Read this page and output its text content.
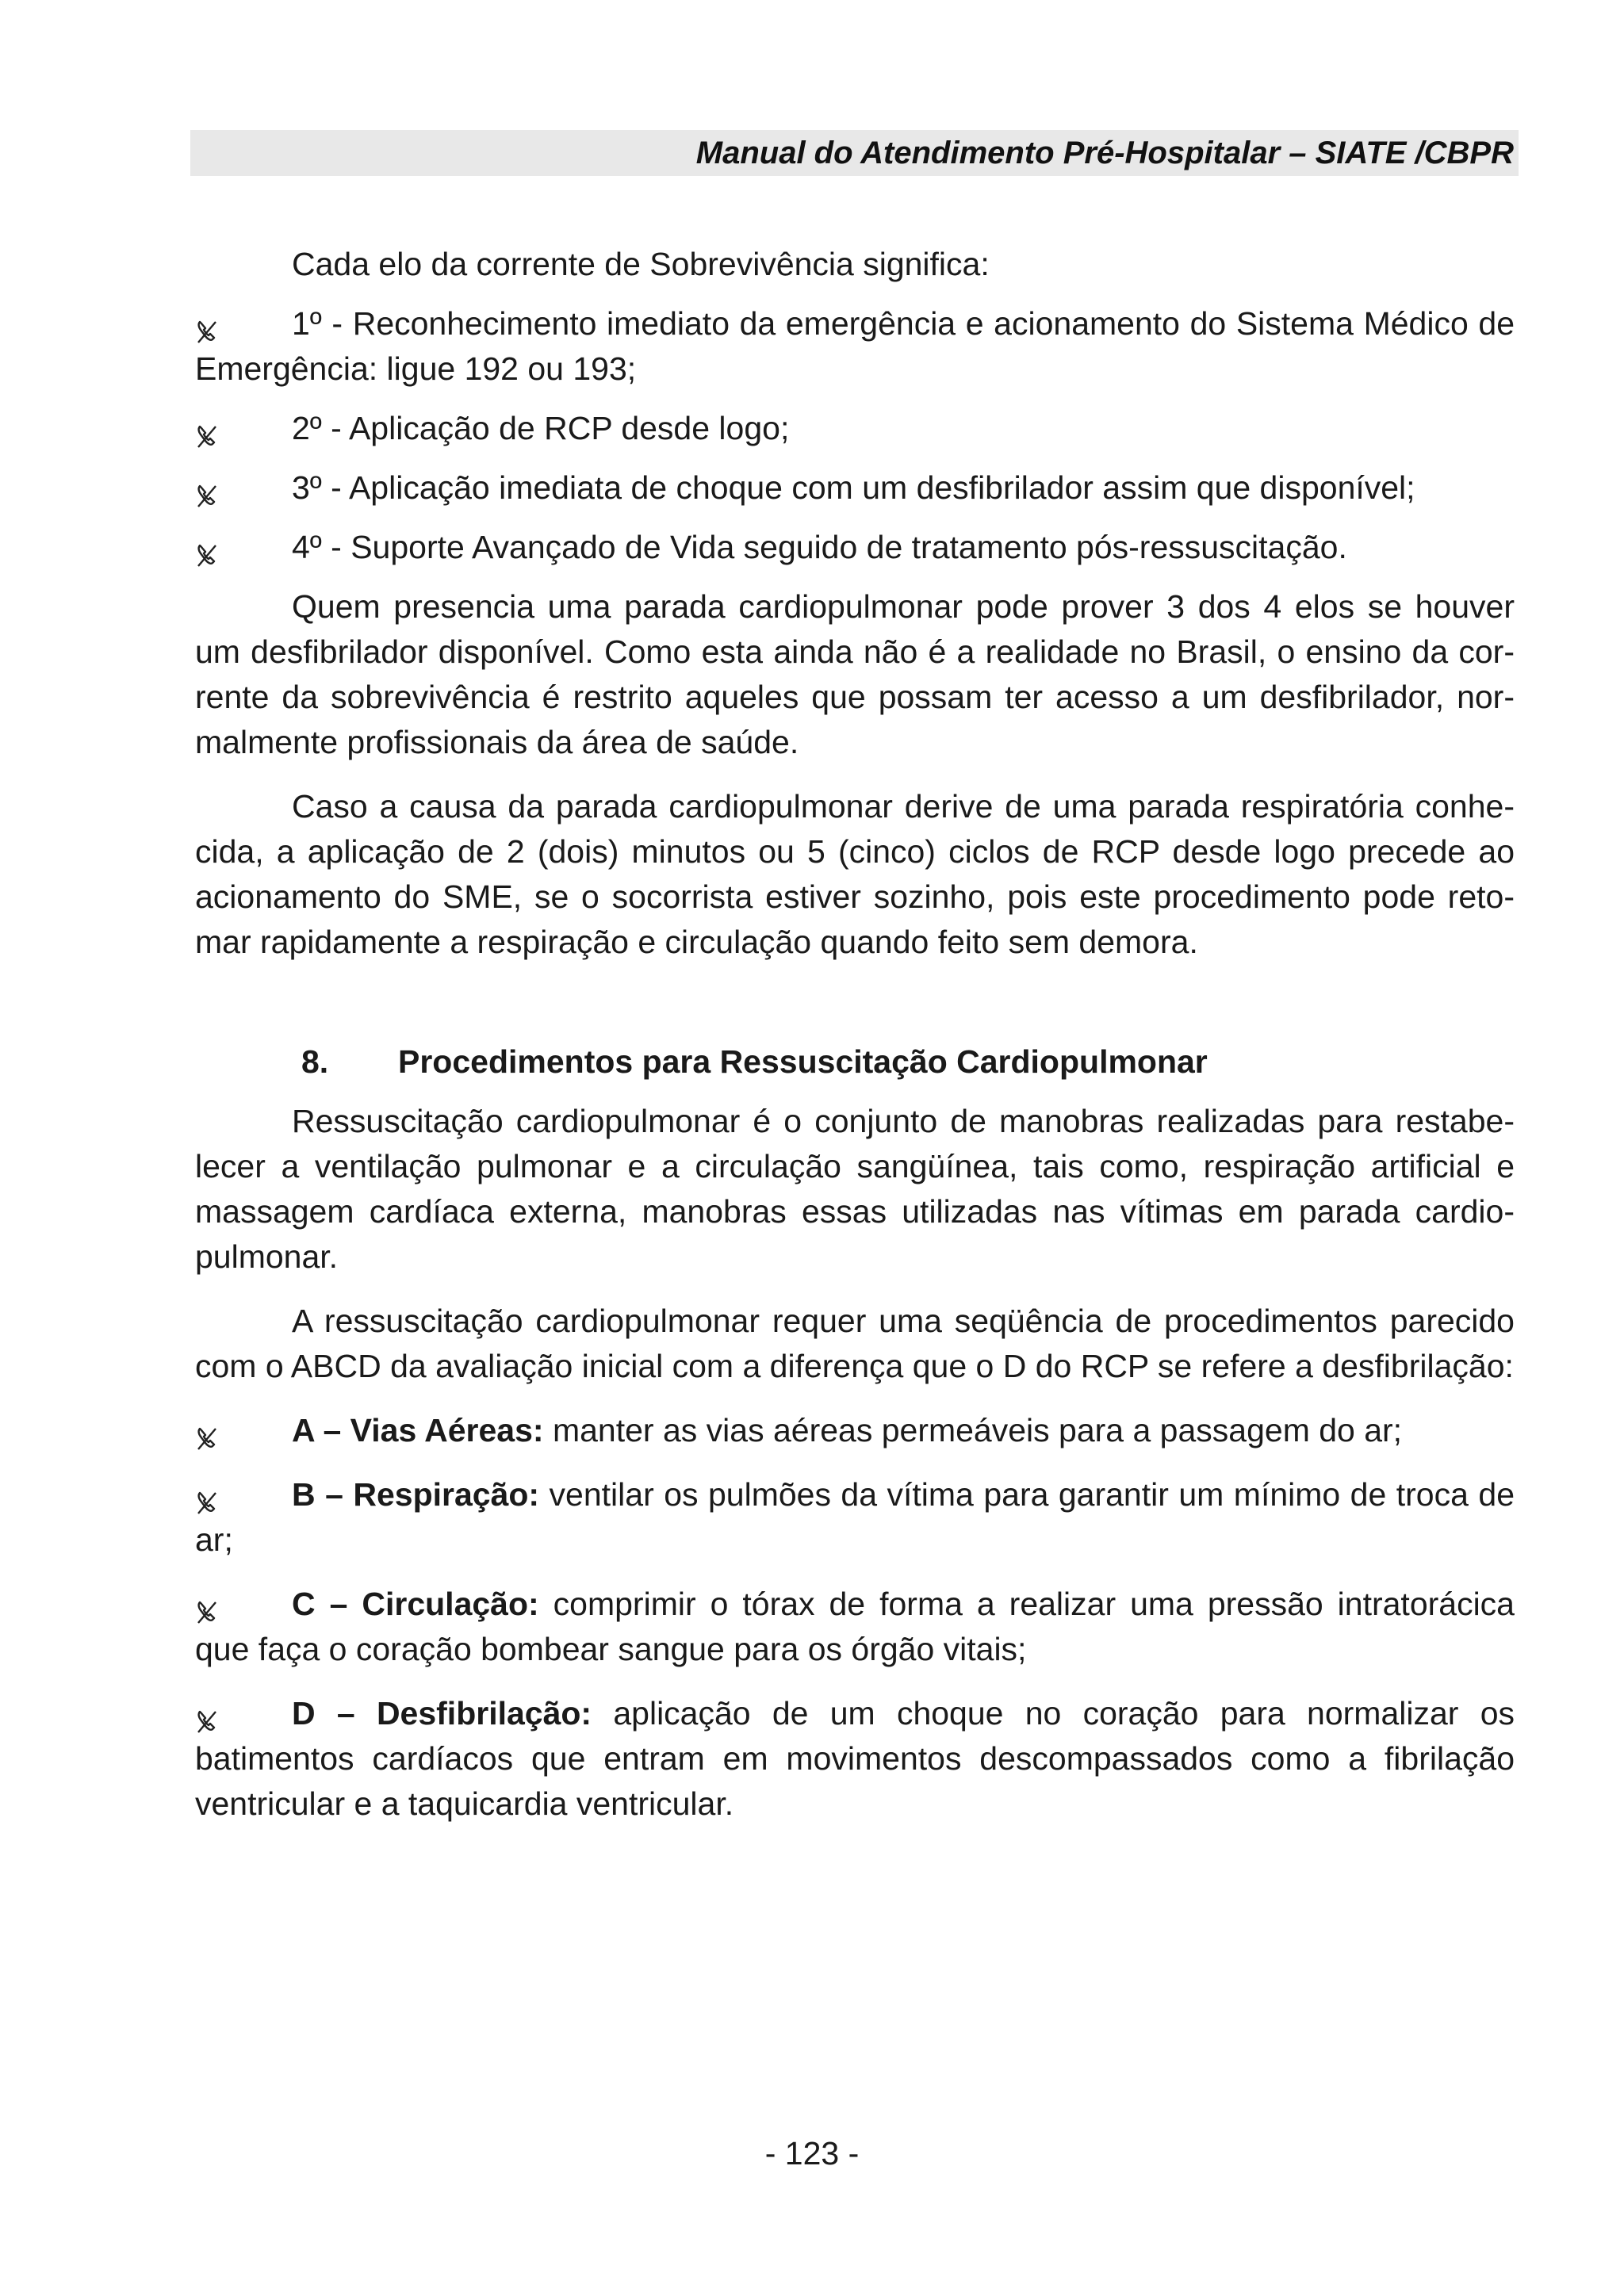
Manual do Atendimento Pré-Hospitalar – SIATE /CBPR

Cada elo da corrente de Sobrevivência significa:

1º - Reconhecimento imediato da emergência e acionamento do Sistema Médico de Emergência: ligue 192 ou 193;

2º - Aplicação de RCP desde logo;

3º - Aplicação imediata de choque com um desfibrilador assim que disponível;

4º - Suporte Avançado de Vida seguido de tratamento pós-ressuscitação.

Quem presencia uma parada cardiopulmonar pode prover 3 dos 4 elos se houver um desfibrilador disponível. Como esta ainda não é a realidade no Brasil, o ensino da corrente da sobrevivência é restrito aqueles que possam ter acesso a um desfibrilador, normalmente profissionais da área de saúde.

Caso a causa da parada cardiopulmonar derive de uma parada respiratória conhecida, a aplicação de 2 (dois) minutos ou 5 (cinco) ciclos de RCP desde logo precede ao acionamento do SME, se o socorrista estiver sozinho, pois este procedimento pode retomar rapidamente a respiração e circulação quando feito sem demora.

8. Procedimentos para Ressuscitação Cardiopulmonar

Ressuscitação cardiopulmonar é o conjunto de manobras realizadas para restabelecer a ventilação pulmonar e a circulação sangüínea, tais como, respiração artificial e massagem cardíaca externa, manobras essas utilizadas nas vítimas em parada cardiopulmonar.

A ressuscitação cardiopulmonar requer uma seqüência de procedimentos parecido com o ABCD da avaliação inicial com a diferença que o D do RCP se refere a desfibrilação:

A – Vias Aéreas: manter as vias aéreas permeáveis para a passagem do ar;

B – Respiração: ventilar os pulmões da vítima para garantir um mínimo de troca de ar;

C – Circulação: comprimir o tórax de forma a realizar uma pressão intratorácica que faça o coração bombear sangue para os órgão vitais;

D – Desfibrilação: aplicação de um choque no coração para normalizar os batimentos cardíacos que entram em movimentos descompassados como a fibrilação ventricular e a taquicardia ventricular.

- 123 -
